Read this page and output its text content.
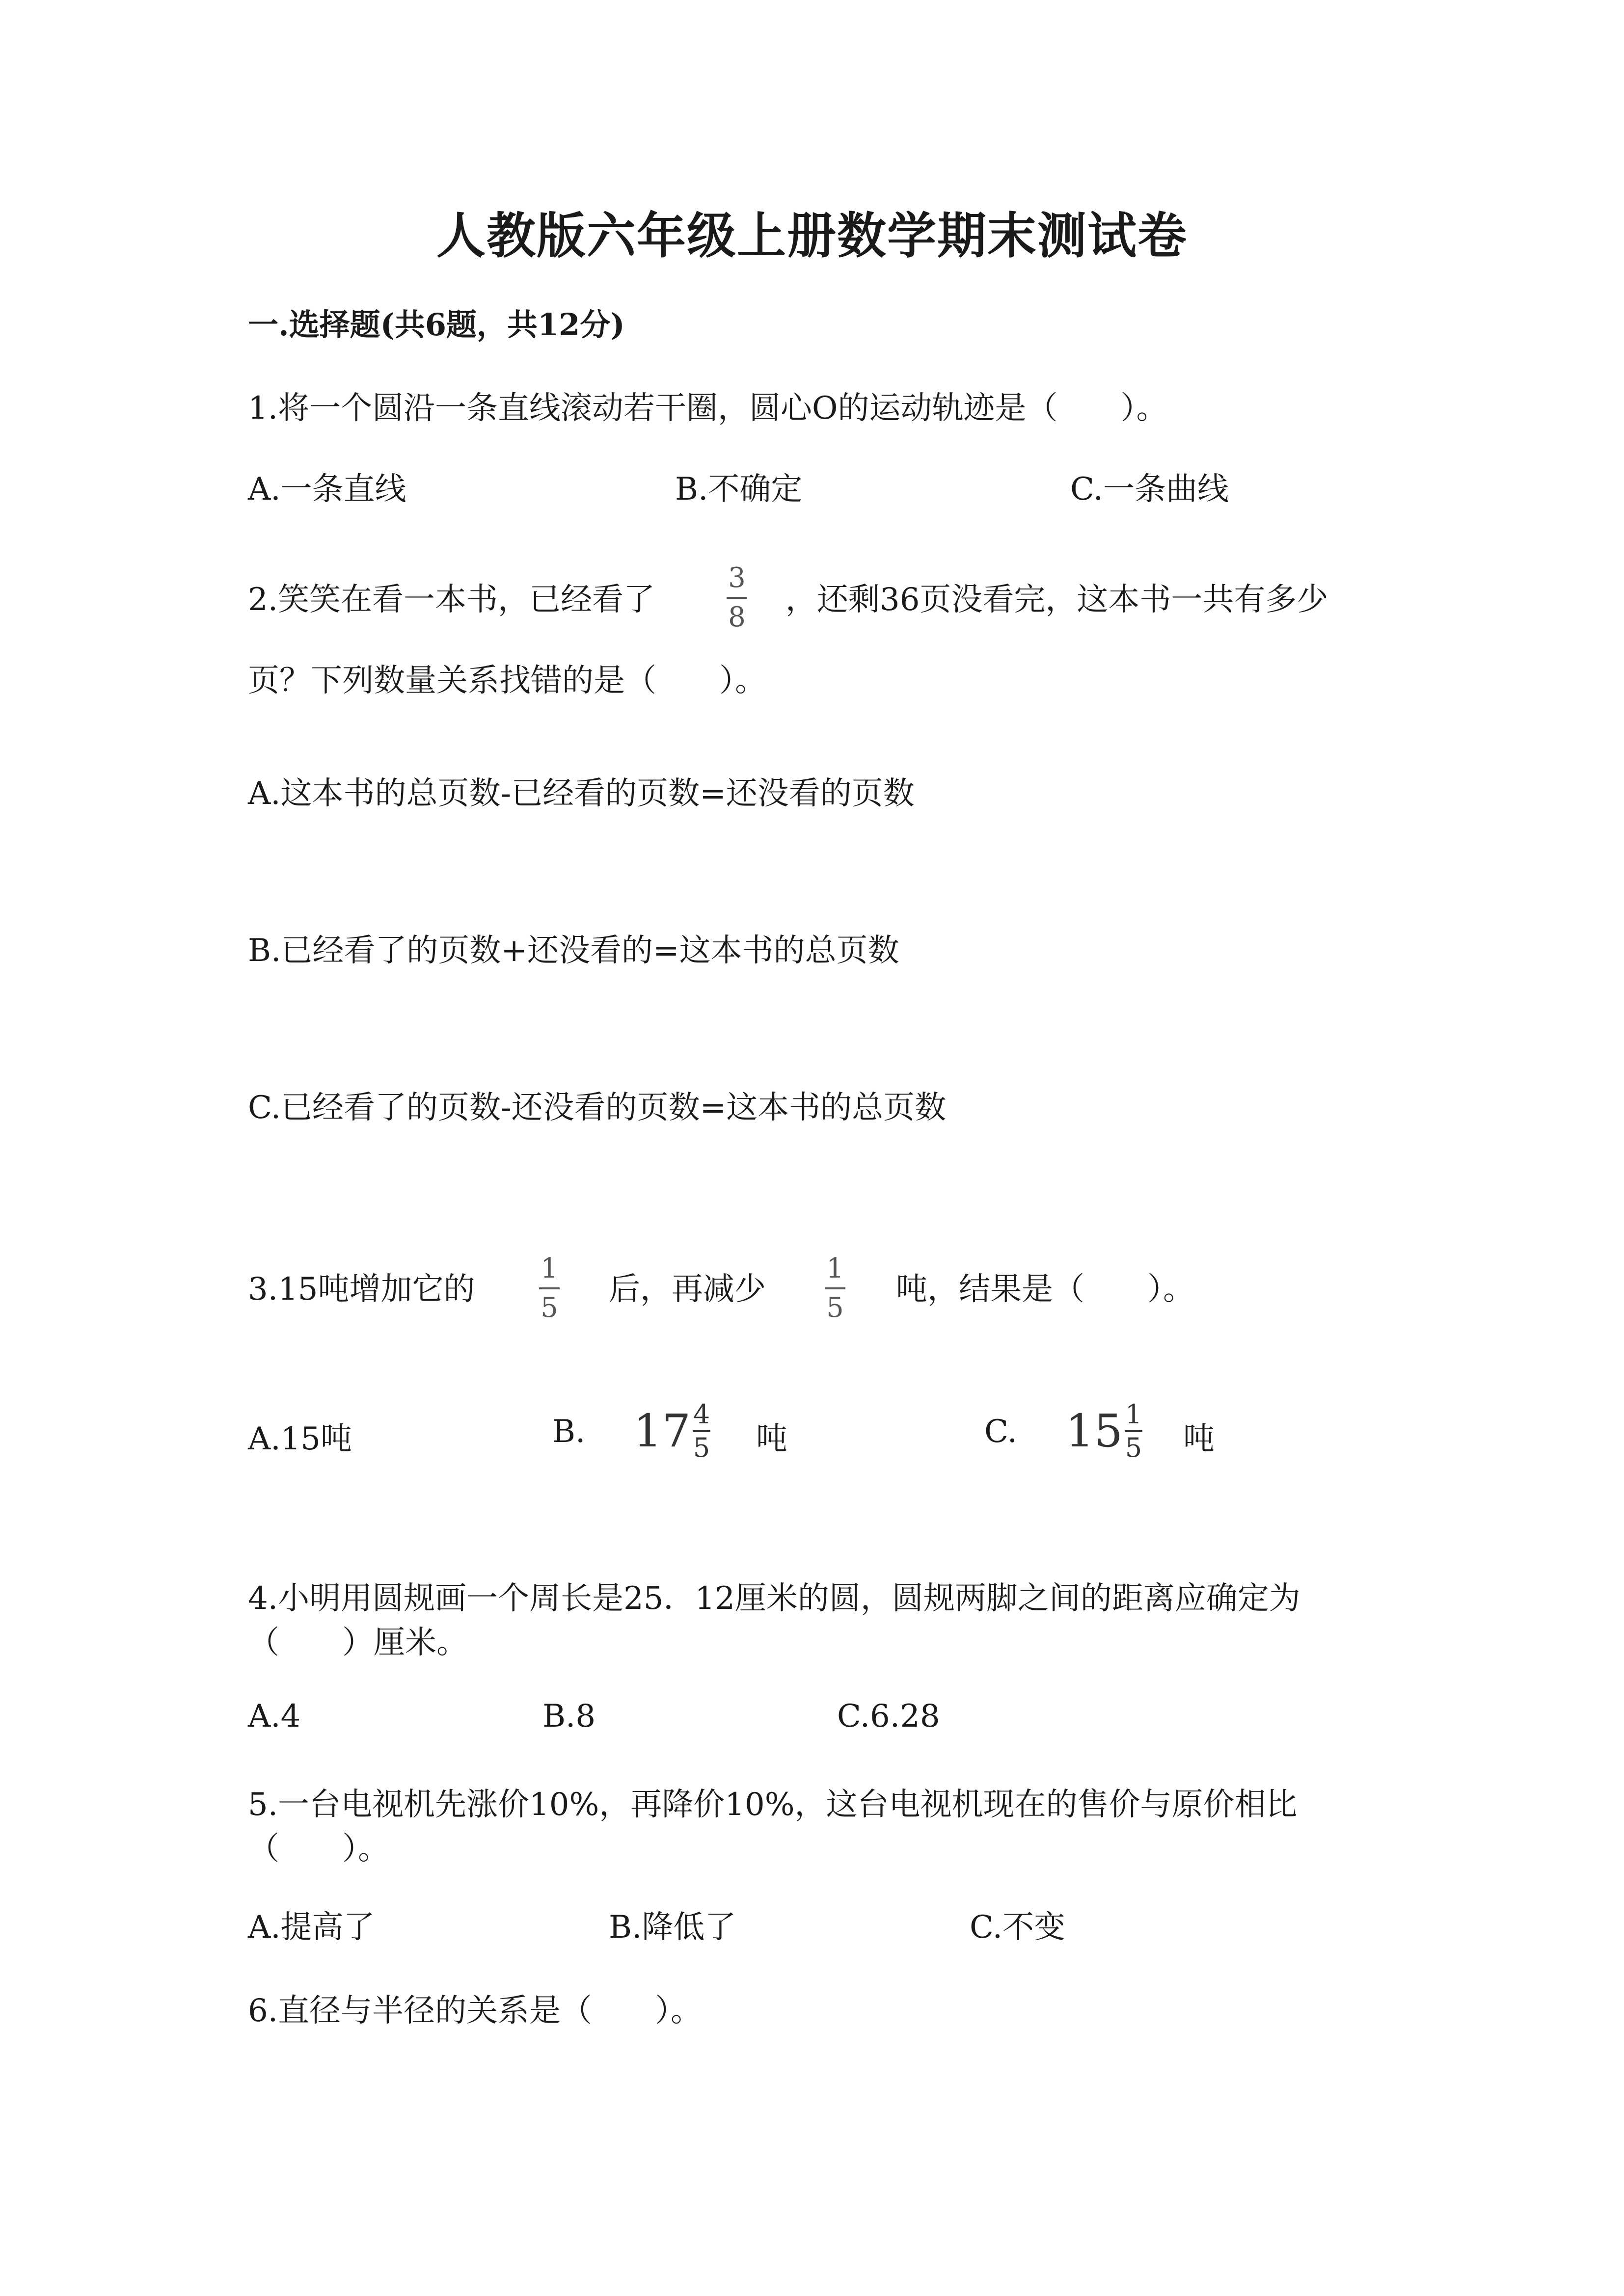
人教版六年级上册数学期末测试卷
一.选择题(共6题，共12分)
1.将一个圆沿一条直线滚动若干圈，圆心O的运动轨迹是（　　）。
A.一条直线	B.不确定	C.一条曲线
2.笑笑在看一本书，已经看了
3
8 ，还剩36页没看完，这本书一共有多少
页？下列数量关系找错的是（　　）。
A.这本书的总页数-已经看的页数=还没看的页数
B.已经看了的页数+还没看的=这本书的总页数
C.已经看了的页数-还没看的页数=这本书的总页数
3.15吨增加它的
1
5
后，再减少
1
5
吨，结果是（　　）。
A.15吨	B. 17 4
5 吨	C. 15 1
5 吨
4.小明用圆规画一个周长是25．12厘米的圆，圆规两脚之间的距离应确定为
（　　）厘米。
A.4	B.8	C.6.28
5.一台电视机先涨价10%，再降价10%，这台电视机现在的售价与原价相比
（　　）。
A.提高了	B.降低了	C.不变
6.直径与半径的关系是（　　）。
